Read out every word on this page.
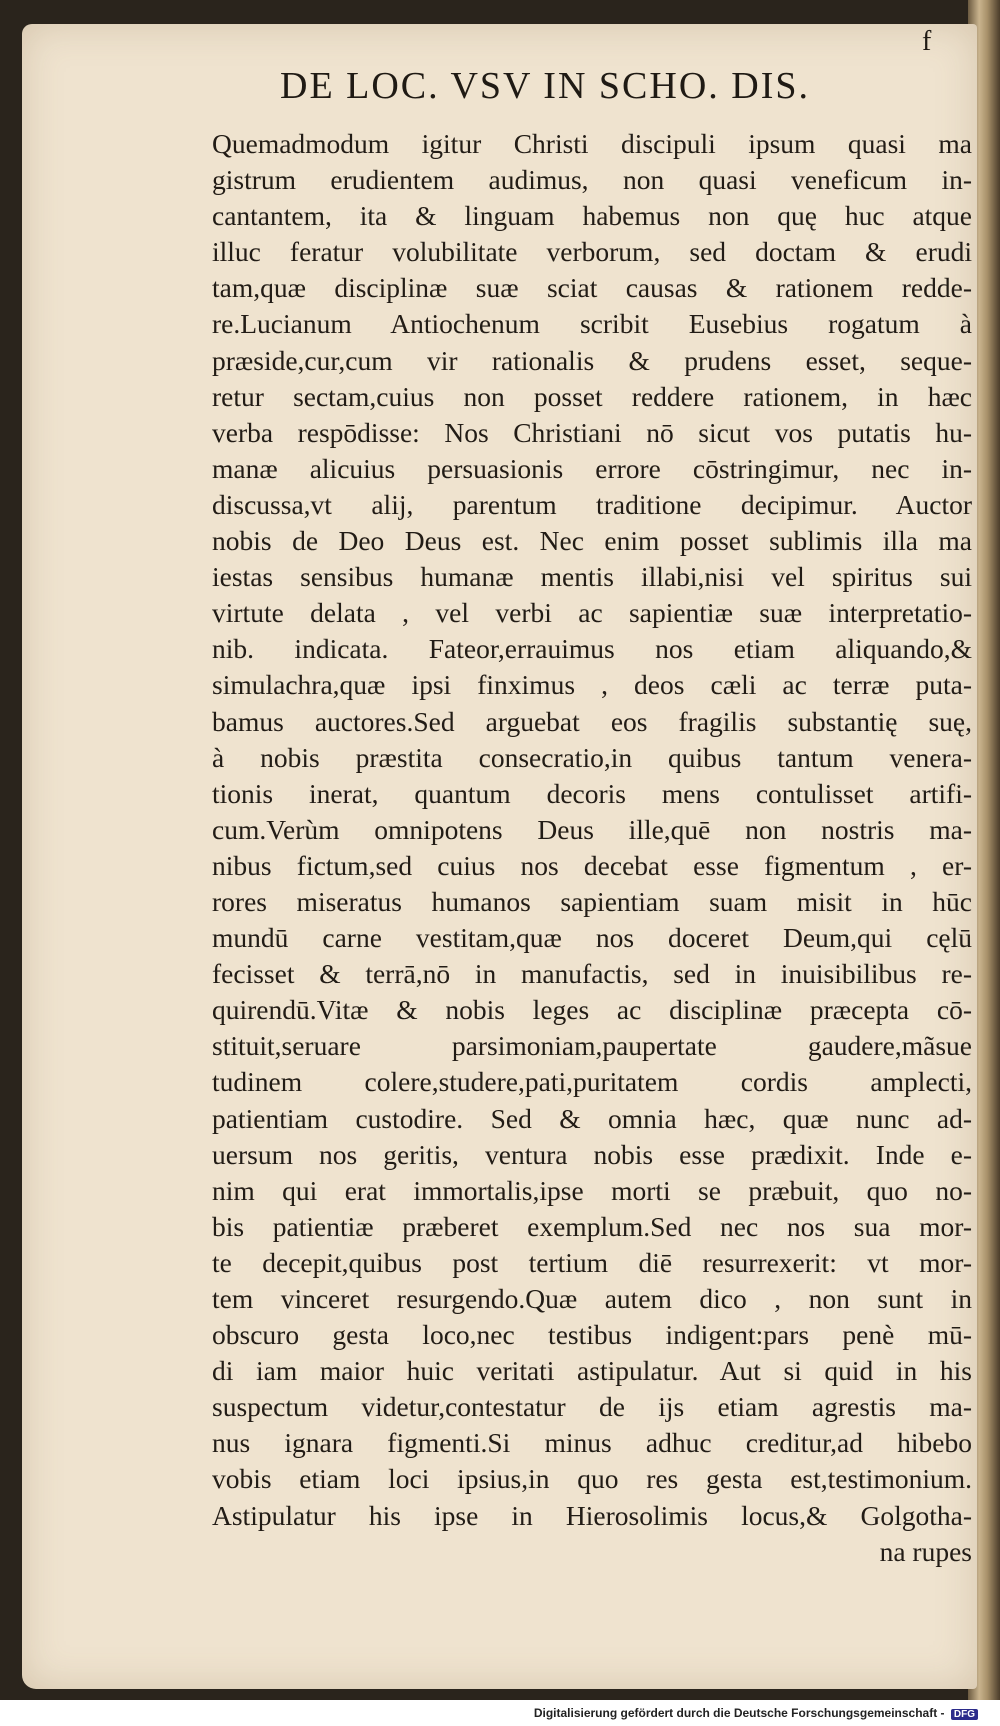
f
DE LOC. VSV IN SCHO. DIS.
Quemadmodum igitur Christi discipuli ipsum quasi ma
gistrum erudientem audimus, non quasi veneficum in-
cantantem, ita & linguam habemus non quę huc atque
illuc feratur volubilitate verborum, sed doctam & erudi
tam,quæ disciplinæ suæ sciat causas & rationem redde-
re.Lucianum Antiochenum scribit Eusebius rogatum à
præside,cur,cum vir rationalis & prudens esset, seque-
retur sectam,cuius non posset reddere rationem, in hæc
verba respōdisse: Nos Christiani nō sicut vos putatis hu-
manæ alicuius persuasionis errore cōstringimur, nec in-
discussa,vt alij, parentum traditione decipimur. Auctor
nobis de Deo Deus est. Nec enim posset sublimis illa ma
iestas sensibus humanæ mentis illabi,nisi vel spiritus sui
virtute delata , vel verbi ac sapientiæ suæ interpretatio-
nib. indicata. Fateor,errauimus nos etiam aliquando,&
simulachra,quæ ipsi finximus , deos cæli ac terræ puta-
bamus auctores.Sed arguebat eos fragilis substantię suę,
à nobis præstita consecratio,in quibus tantum venera-
tionis inerat, quantum decoris mens contulisset artifi-
cum.Verùm omnipotens Deus ille,quē non nostris ma-
nibus fictum,sed cuius nos decebat esse figmentum , er-
rores miseratus humanos sapientiam suam misit in hūc
mundū carne vestitam,quæ nos doceret Deum,qui cęlū
fecisset & terrā,nō in manufactis, sed in inuisibilibus re-
quirendū.Vitæ & nobis leges ac disciplinæ præcepta cō-
stituit,seruare parsimoniam,paupertate gaudere,mãsue
tudinem colere,studere,pati,puritatem cordis amplecti,
patientiam custodire. Sed & omnia hæc, quæ nunc ad-
uersum nos geritis, ventura nobis esse prædixit. Inde e-
nim qui erat immortalis,ipse morti se præbuit, quo no-
bis patientiæ præberet exemplum.Sed nec nos sua mor-
te decepit,quibus post tertium diē resurrexerit: vt mor-
tem vinceret resurgendo.Quæ autem dico , non sunt in
obscuro gesta loco,nec testibus indigent:pars penè mū-
di iam maior huic veritati astipulatur. Aut si quid in his
suspectum videtur,contestatur de ijs etiam agrestis ma-
nus ignara figmenti.Si minus adhuc creditur,ad hibebo
vobis etiam loci ipsius,in quo res gesta est,testimonium.
Astipulatur his ipse in Hierosolimis locus,& Golgotha-
na rupes
Digitalisierung gefördert durch die Deutsche Forschungsgemeinschaft - DFG
